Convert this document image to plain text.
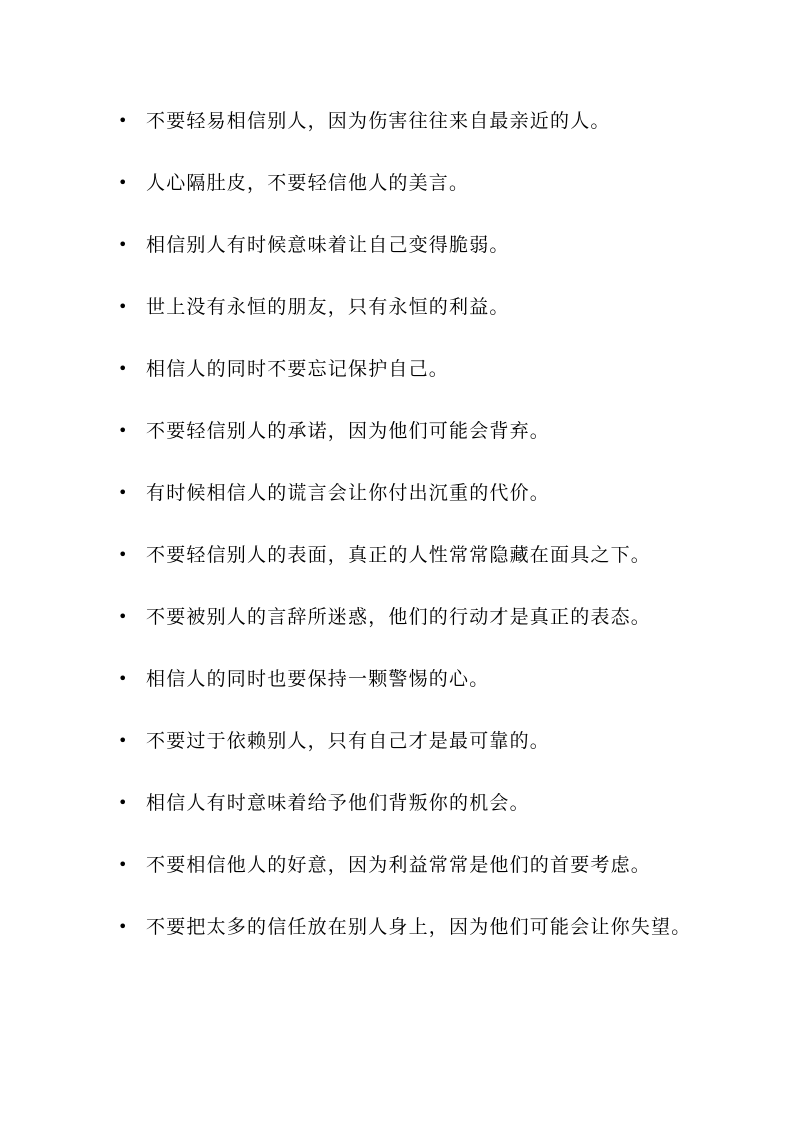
• 不要轻易相信别人，因为伤害往往来自最亲近的人。
• 人心隔肚皮，不要轻信他人的美言。
• 相信别人有时候意味着让自己变得脆弱。
• 世上没有永恒的朋友，只有永恒的利益。
• 相信人的同时不要忘记保护自己。
• 不要轻信别人的承诺，因为他们可能会背弃。
• 有时候相信人的谎言会让你付出沉重的代价。
• 不要轻信别人的表面，真正的人性常常隐藏在面具之下。
• 不要被别人的言辞所迷惑，他们的行动才是真正的表态。
• 相信人的同时也要保持一颗警惕的心。
• 不要过于依赖别人，只有自己才是最可靠的。
• 相信人有时意味着给予他们背叛你的机会。
• 不要相信他人的好意，因为利益常常是他们的首要考虑。
• 不要把太多的信任放在别人身上，因为他们可能会让你失望。
